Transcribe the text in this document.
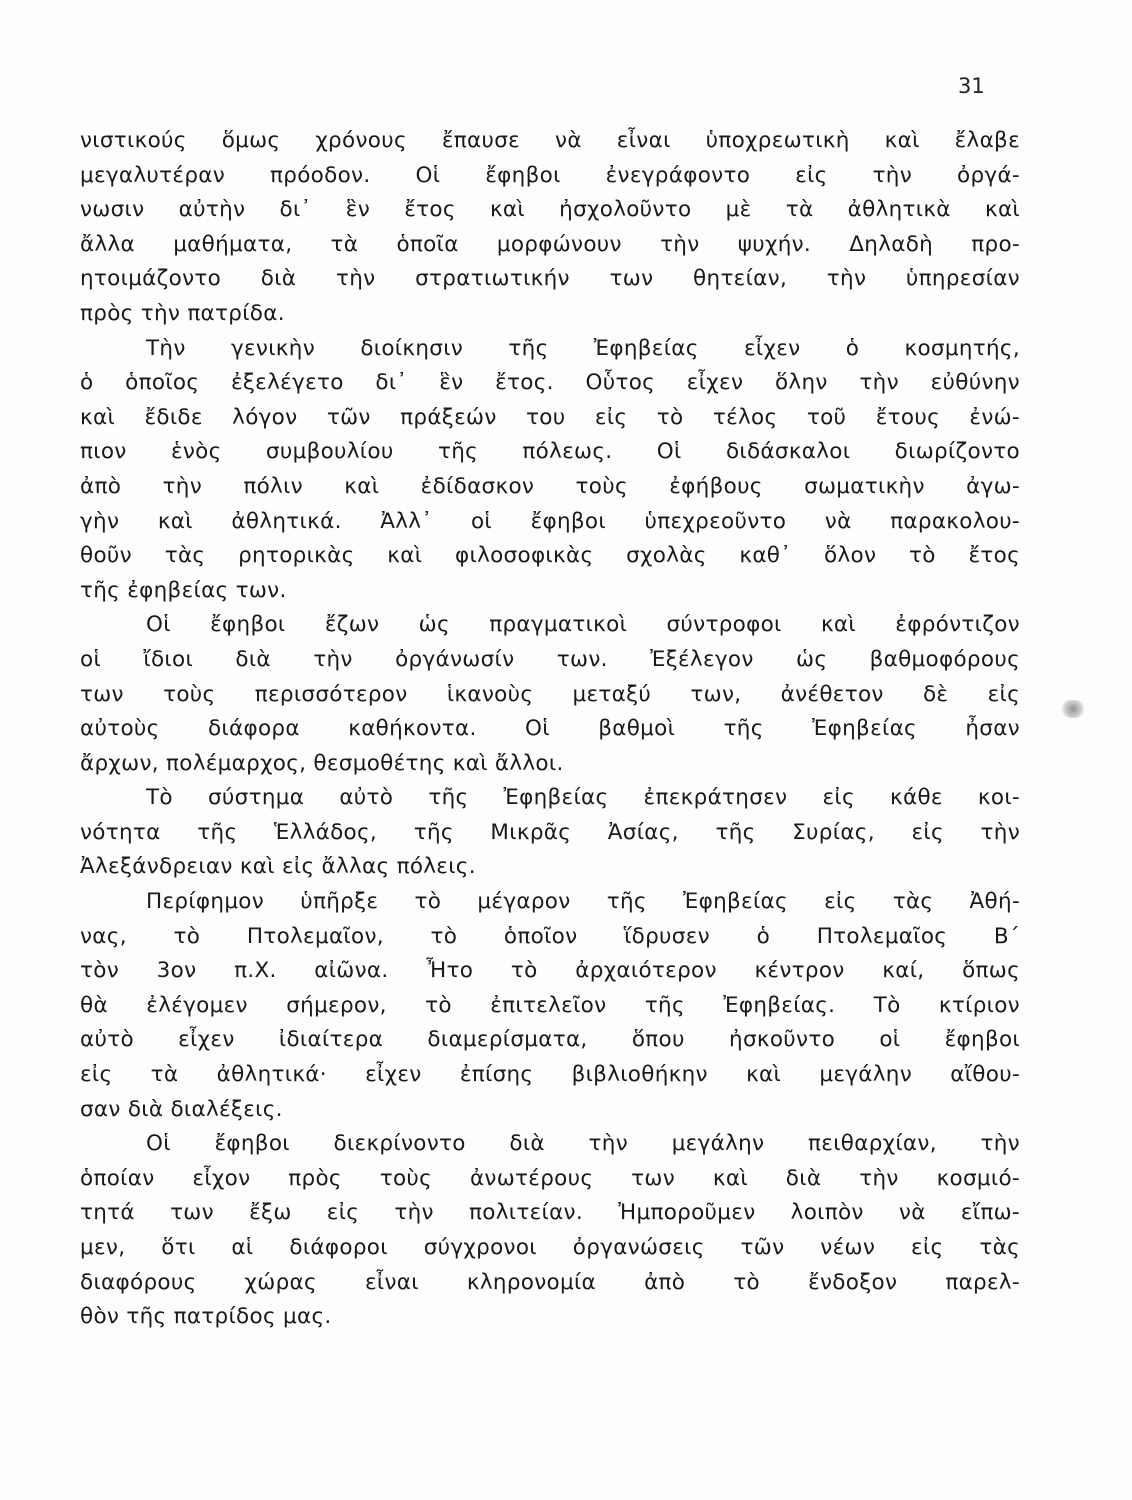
31
νιστικούς ὅμως χρόνους ἔπαυσε νὰ εἶναι ὑποχρεωτικὴ καὶ ἔλαβε
μεγαλυτέραν πρόοδον. Οἱ ἔφηβοι ἐνεγράφοντο εἰς τὴν ὀργά-
νωσιν αὐτὴν δι᾽ ἓν ἔτος καὶ ἠσχολοῦντο μὲ τὰ ἀθλητικὰ καὶ
ἄλλα μαθήματα, τὰ ὁποῖα μορφώνουν τὴν ψυχήν. Δηλαδὴ προ-
ητοιμάζοντο διὰ τὴν στρατιωτικήν των θητείαν, τὴν ὑπηρεσίαν
πρὸς τὴν πατρίδα.
Τὴν γενικὴν διοίκησιν τῆς Ἐφηβείας εἶχεν ὁ κοσμητής,
ὁ ὁποῖος ἐξελέγετο δι᾽ ἓν ἔτος. Οὗτος εἶχεν ὅλην τὴν εὐθύνην
καὶ ἔδιδε λόγον τῶν πράξεών του εἰς τὸ τέλος τοῦ ἔτους ἐνώ-
πιον ἑνὸς συμβουλίου τῆς πόλεως. Οἱ διδάσκαλοι διωρίζοντο
ἀπὸ τὴν πόλιν καὶ ἐδίδασκον τοὺς ἐφήβους σωματικὴν ἀγω-
γὴν καὶ ἀθλητικά. Ἀλλ᾽ οἱ ἔφηβοι ὑπεχρεοῦντο νὰ παρακολου-
θοῦν τὰς ρητορικὰς καὶ φιλοσοφικὰς σχολὰς καθ᾽ ὅλον τὸ ἔτος
τῆς ἐφηβείας των.
Οἱ ἔφηβοι ἔζων ὡς πραγματικοὶ σύντροφοι καὶ ἐφρόντιζον
οἱ ἴδιοι διὰ τὴν ὀργάνωσίν των. Ἐξέλεγον ὡς βαθμοφόρους
των τοὺς περισσότερον ἱκανοὺς μεταξύ των, ἀνέθετον δὲ εἰς
αὐτοὺς διάφορα καθήκοντα. Οἱ βαθμοὶ τῆς Ἐφηβείας ἦσαν
ἄρχων, πολέμαρχος, θεσμοθέτης καὶ ἄλλοι.
Τὸ σύστημα αὐτὸ τῆς Ἐφηβείας ἐπεκράτησεν εἰς κάθε κοι-
νότητα τῆς Ἑλλάδος, τῆς Μικρᾶς Ἀσίας, τῆς Συρίας, εἰς τὴν
Ἀλεξάνδρειαν καὶ εἰς ἄλλας πόλεις.
Περίφημον ὑπῆρξε τὸ μέγαρον τῆς Ἐφηβείας εἰς τὰς Ἀθή-
νας, τὸ Πτολεμαῖον, τὸ ὁποῖον ἵδρυσεν ὁ Πτολεμαῖος Β΄
τὸν 3ον π.Χ. αἰῶνα. Ἦτο τὸ ἀρχαιότερον κέντρον καί, ὅπως
θὰ ἐλέγομεν σήμερον, τὸ ἐπιτελεῖον τῆς Ἐφηβείας. Τὸ κτίριον
αὐτὸ εἶχεν ἰδιαίτερα διαμερίσματα, ὅπου ἠσκοῦντο οἱ ἔφηβοι
εἰς τὰ ἀθλητικά· εἶχεν ἐπίσης βιβλιοθήκην καὶ μεγάλην αἴθου-
σαν διὰ διαλέξεις.
Οἱ ἔφηβοι διεκρίνοντο διὰ τὴν μεγάλην πειθαρχίαν, τὴν
ὁποίαν εἶχον πρὸς τοὺς ἀνωτέρους των καὶ διὰ τὴν κοσμιό-
τητά των ἔξω εἰς τὴν πολιτείαν. Ἠμποροῦμεν λοιπὸν νὰ εἴπω-
μεν, ὅτι αἱ διάφοροι σύγχρονοι ὀργανώσεις τῶν νέων εἰς τὰς
διαφόρους χώρας εἶναι κληρονομία ἀπὸ τὸ ἔνδοξον παρελ-
θὸν τῆς πατρίδος μας.
